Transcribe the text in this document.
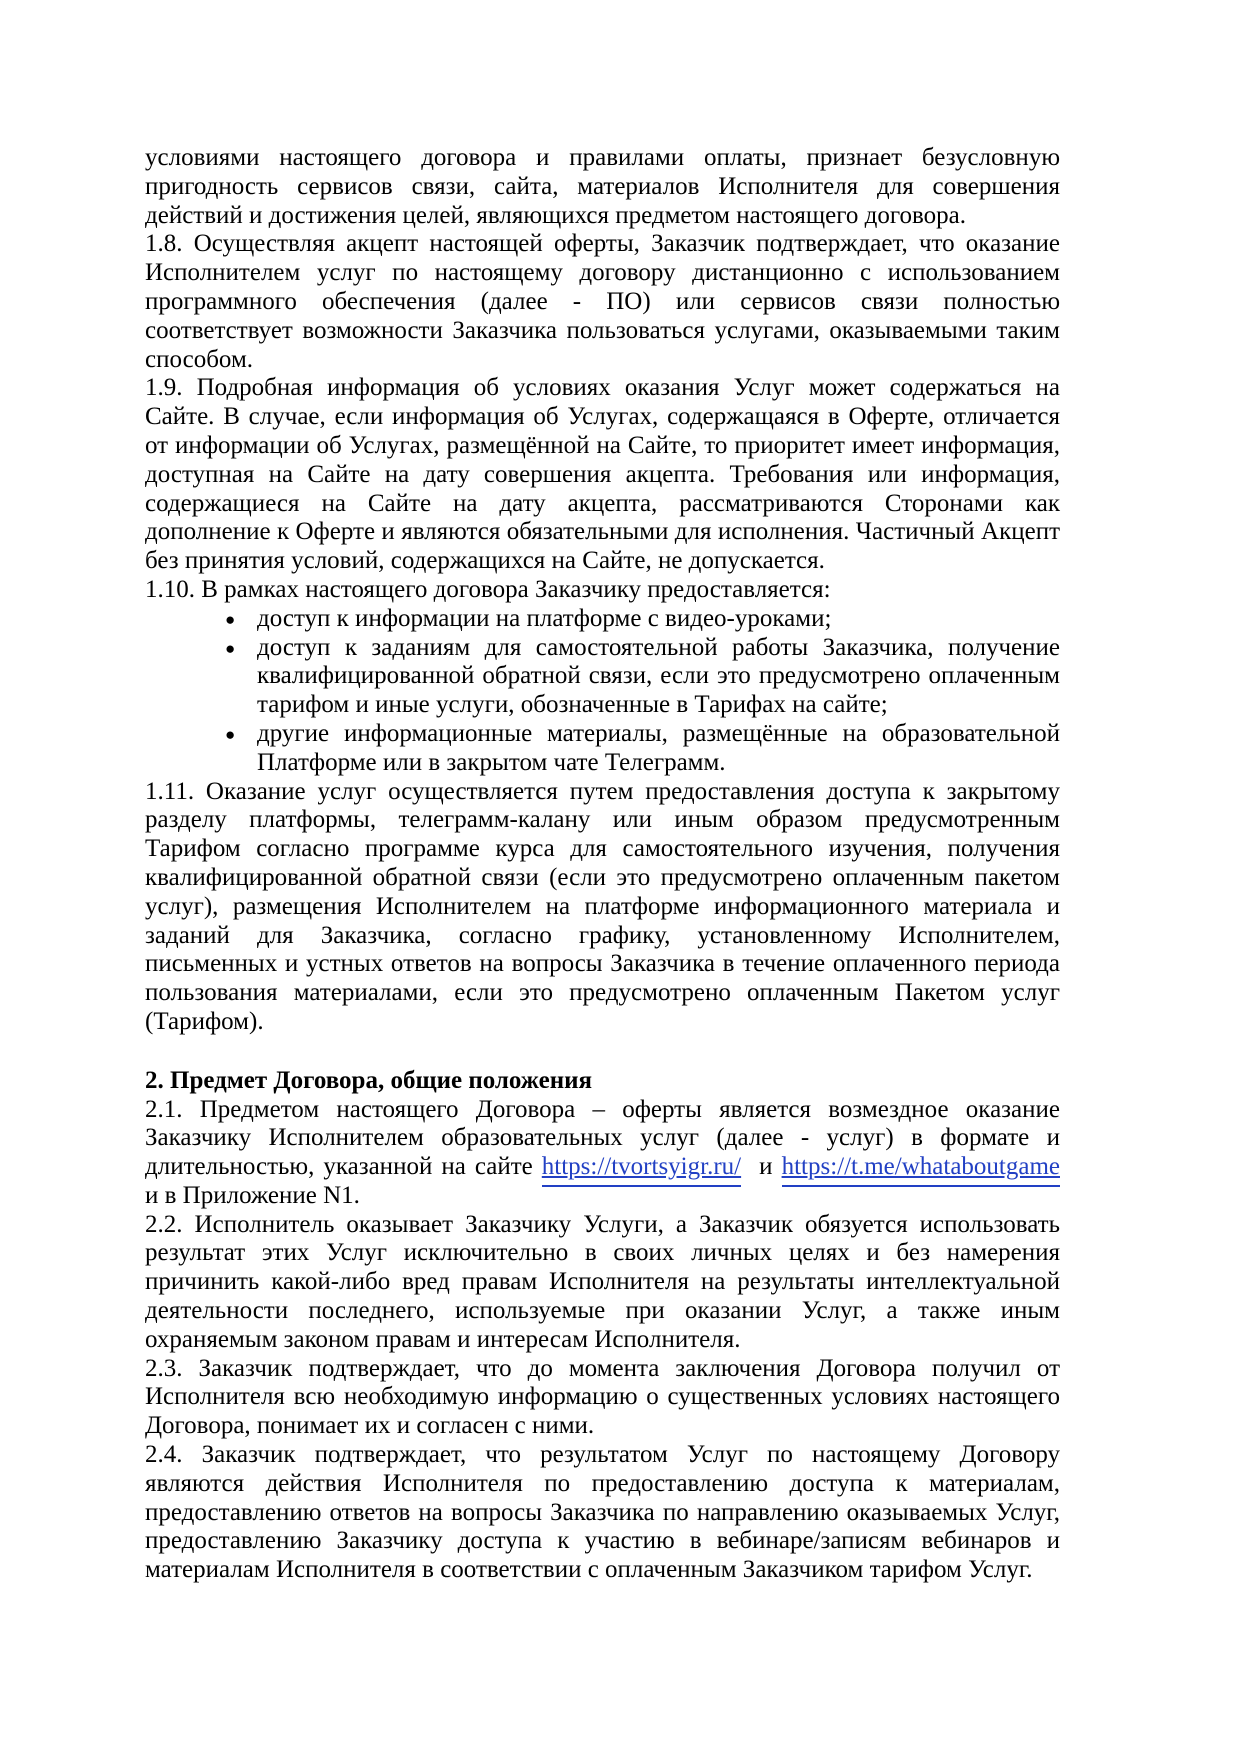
условиями настоящего договора и правилами оплаты, признает безусловную пригодность сервисов связи, сайта, материалов Исполнителя для совершения действий и достижения целей, являющихся предметом настоящего договора.

1.8. Осуществляя акцепт настоящей оферты, Заказчик подтверждает, что оказание Исполнителем услуг по настоящему договору дистанционно с использованием программного обеспечения (далее - ПО) или сервисов связи полностью соответствует возможности Заказчика пользоваться услугами, оказываемыми таким способом.

1.9. Подробная информация об условиях оказания Услуг может содержаться на Сайте. В случае, если информация об Услугах, содержащаяся в Оферте, отличается от информации об Услугах, размещённой на Сайте, то приоритет имеет информация, доступная на Сайте на дату совершения акцепта. Требования или информация, содержащиеся на Сайте на дату акцепта, рассматриваются Сторонами как дополнение к Оферте и являются обязательными для исполнения. Частичный Акцепт без принятия условий, содержащихся на Сайте, не допускается.

1.10. В рамках настоящего договора Заказчику предоставляется:

● доступ к информации на платформе с видео-уроками;
● доступ к заданиям для самостоятельной работы Заказчика, получение квалифицированной обратной связи, если это предусмотрено оплаченным тарифом и иные услуги, обозначенные в Тарифах на сайте;
● другие информационные материалы, размещённые на образовательной Платформе или в закрытом чате Телеграмм.

1.11. Оказание услуг осуществляется путем предоставления доступа к закрытому разделу платформы, телеграмм-калану или иным образом предусмотренным Тарифом согласно программе курса для самостоятельного изучения, получения квалифицированной обратной связи (если это предусмотрено оплаченным пакетом услуг), размещения Исполнителем на платформе информационного материала и заданий для Заказчика, согласно графику, установленному Исполнителем, письменных и устных ответов на вопросы Заказчика в течение оплаченного периода пользования материалами, если это предусмотрено оплаченным Пакетом услуг (Тарифом).

2. Предмет Договора, общие положения

2.1. Предметом настоящего Договора – оферты является возмездное оказание Заказчику Исполнителем образовательных услуг (далее - услуг) в формате и длительностью, указанной на сайте https://tvortsyigr.ru/  и https://t.me/whataboutgame и в Приложение N1.

2.2. Исполнитель оказывает Заказчику Услуги, а Заказчик обязуется использовать результат этих Услуг исключительно в своих личных целях и без намерения причинить какой-либо вред правам Исполнителя на результаты интеллектуальной деятельности последнего, используемые при оказании Услуг, а также иным охраняемым законом правам и интересам Исполнителя.

2.3. Заказчик подтверждает, что до момента заключения Договора получил от Исполнителя всю необходимую информацию о существенных условиях настоящего Договора, понимает их и согласен с ними.

2.4. Заказчик подтверждает, что результатом Услуг по настоящему Договору являются действия Исполнителя по предоставлению доступа к материалам, предоставлению ответов на вопросы Заказчика по направлению оказываемых Услуг, предоставлению Заказчику доступа к участию в вебинаре/записям вебинаров и материалам Исполнителя в соответствии с оплаченным Заказчиком тарифом Услуг.
